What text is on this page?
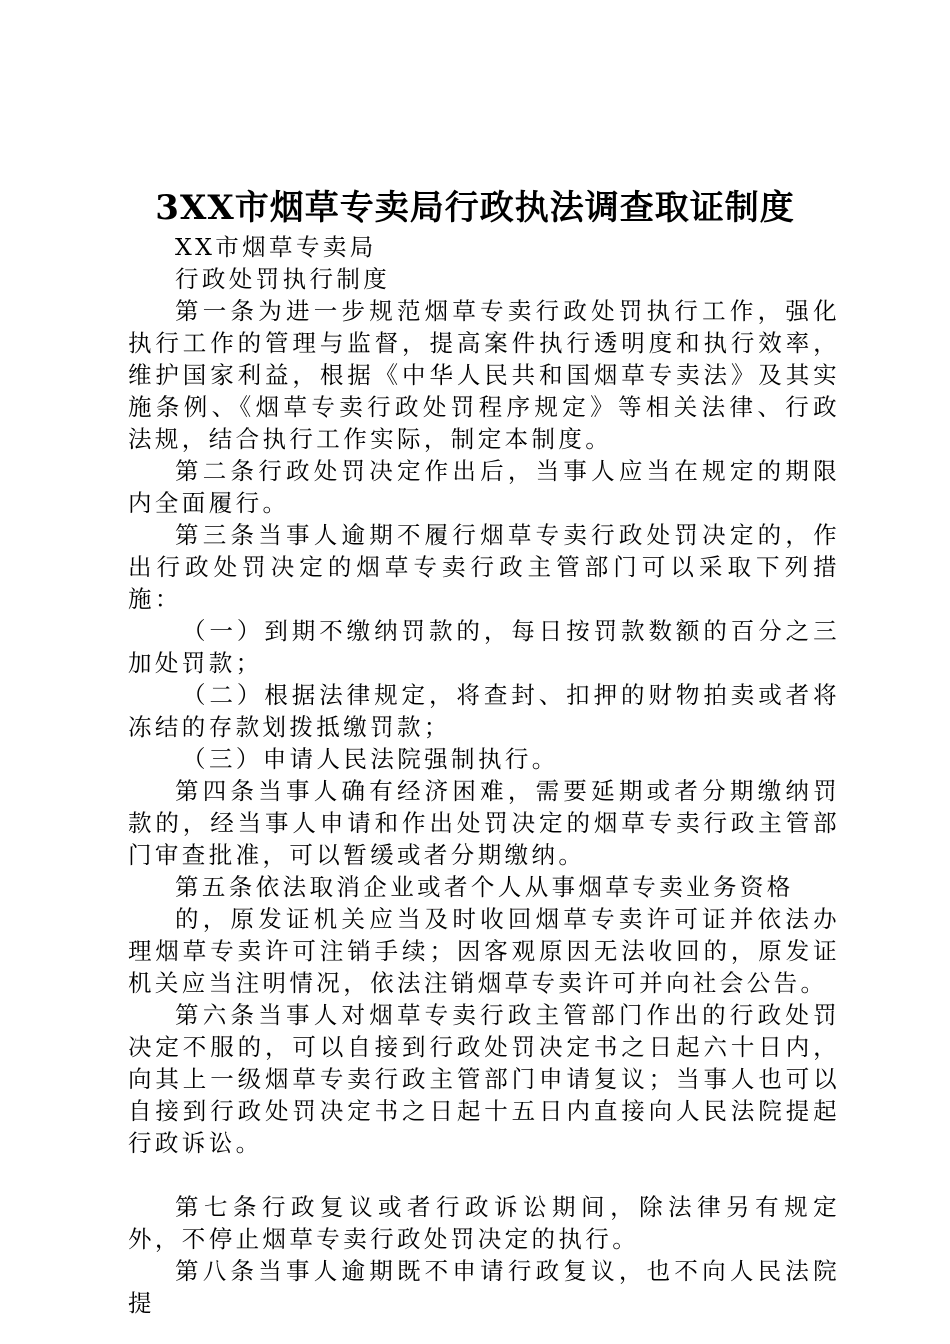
3XX市烟草专卖局行政执法调查取证制度

XX市烟草专卖局

行政处罚执行制度

第一条为进一步规范烟草专卖行政处罚执行工作，强化执行工作的管理与监督，提高案件执行透明度和执行效率，维护国家利益，根据《中华人民共和国烟草专卖法》及其实施条例、《烟草专卖行政处罚程序规定》等相关法律、行政法规，结合执行工作实际，制定本制度。

第二条行政处罚决定作出后，当事人应当在规定的期限内全面履行。

第三条当事人逾期不履行烟草专卖行政处罚决定的，作出行政处罚决定的烟草专卖行政主管部门可以采取下列措施：

（一）到期不缴纳罚款的，每日按罚款数额的百分之三加处罚款；

（二）根据法律规定，将查封、扣押的财物拍卖或者将冻结的存款划拨抵缴罚款；

（三）申请人民法院强制执行。

第四条当事人确有经济困难，需要延期或者分期缴纳罚款的，经当事人申请和作出处罚决定的烟草专卖行政主管部门审查批准，可以暂缓或者分期缴纳。

第五条依法取消企业或者个人从事烟草专卖业务资格

的，原发证机关应当及时收回烟草专卖许可证并依法办理烟草专卖许可注销手续；因客观原因无法收回的，原发证机关应当注明情况，依法注销烟草专卖许可并向社会公告。

第六条当事人对烟草专卖行政主管部门作出的行政处罚决定不服的，可以自接到行政处罚决定书之日起六十日内，向其上一级烟草专卖行政主管部门申请复议；当事人也可以自接到行政处罚决定书之日起十五日内直接向人民法院提起行政诉讼。

第七条行政复议或者行政诉讼期间，除法律另有规定外，不停止烟草专卖行政处罚决定的执行。

第八条当事人逾期既不申请行政复议，也不向人民法院提
